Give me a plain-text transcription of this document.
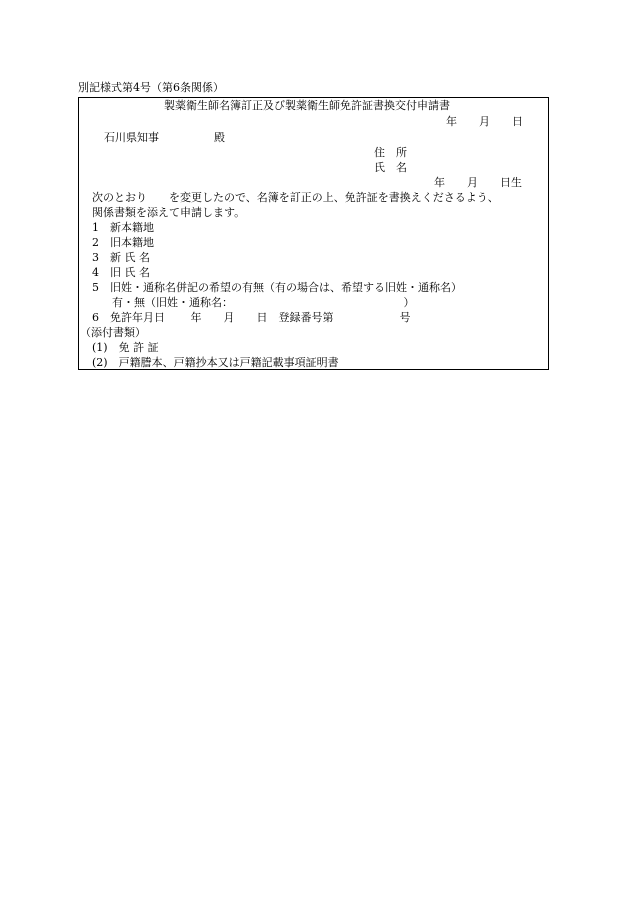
別記様式第4号（第6条関係）
製薬衛生師名簿訂正及び製薬衛生師免許証書換交付申請書
年　　月　　日
石川県知事　　　　　殿
住　所
氏　名
年　　月　　日生
次のとおり　　を変更したので、名簿を訂正の上、免許証を書換えくださるよう、
関係書類を添えて申請します。
1　新本籍地
2　旧本籍地
3　新 氏 名
4　旧 氏 名
5　旧姓・通称名併記の希望の有無（有の場合は、希望する旧姓・通称名）
有・無（旧姓・通称名：　　　　　　　　　　　　　　　　）
6　免許年月日　　 年　　月　　日　登録番号第　　　　　　号
（添付書類）
(1)　免 許 証
(2)　戸籍謄本、戸籍抄本又は戸籍記載事項証明書
